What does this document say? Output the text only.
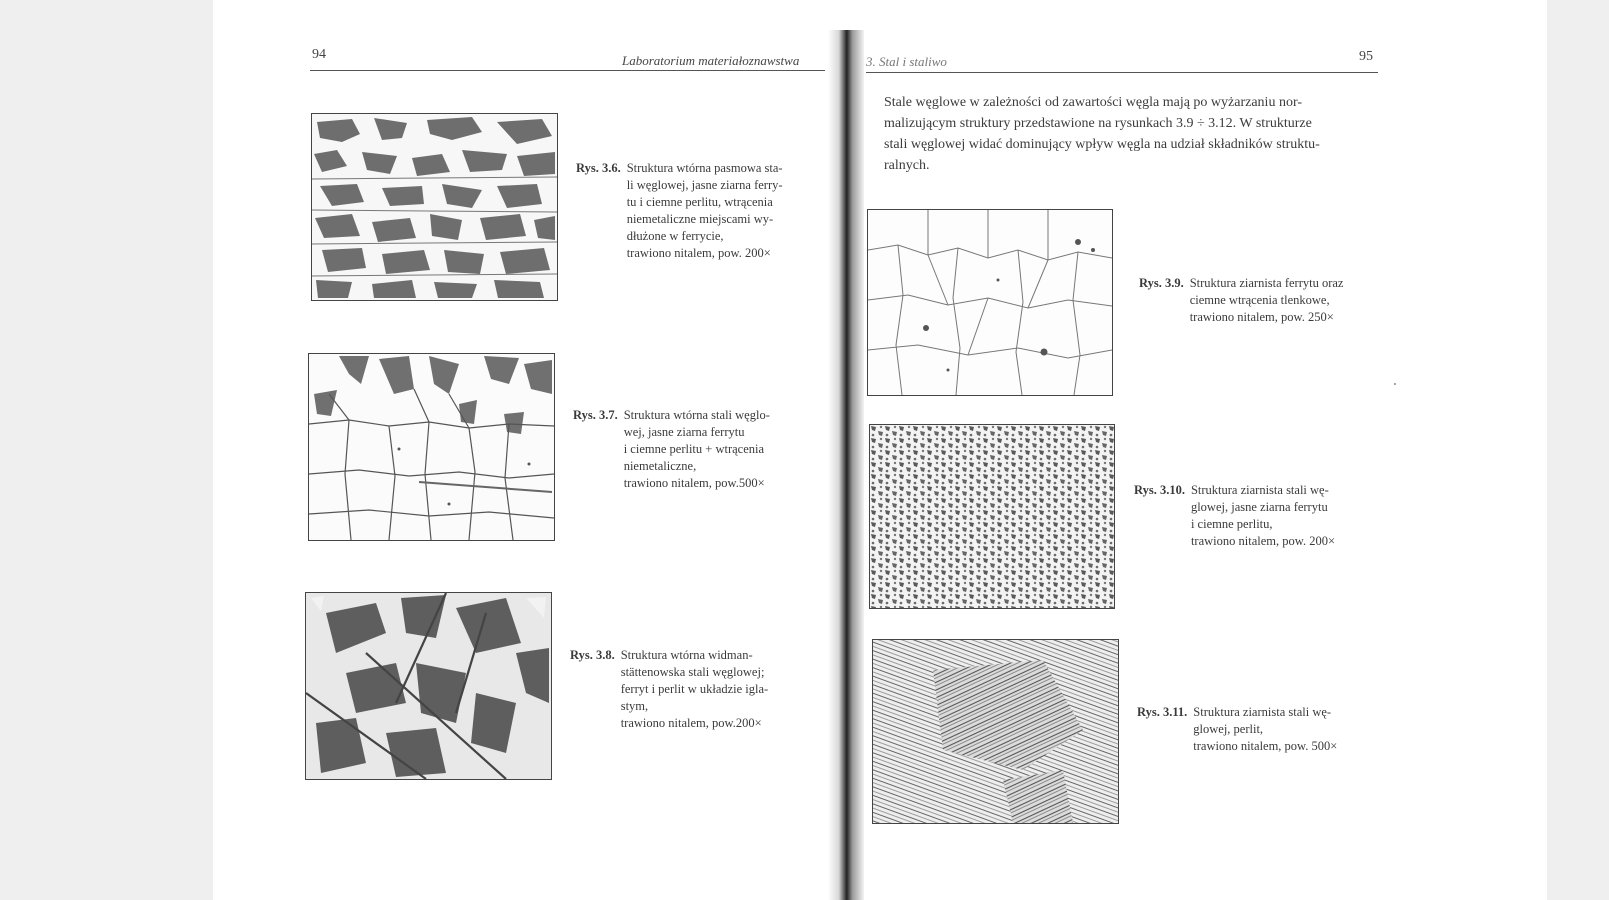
94	Laboratorium materiałoznawstwa	3. Stal i staliwo	95
Stale węglowe w zależności od zawartości węgla mają po wyżarzaniu nor-
malizującym struktury przedstawione na rysunkach 3.9 ÷ 3.12. W strukturze
stali węglowej widać dominujący wpływ węgla na udział składników struktu-
ralnych.
Rys. 3.6. Struktura wtórna pasmowa sta-
li węglowej, jasne ziarna ferry-
tu i ciemne perlitu, wtrącenia
niemetaliczne miejscami wy-
dłużone w ferrycie,
trawiono nitalem, pow. 200×
Rys. 3.7. Struktura wtórna stali węglo-
wej, jasne ziarna ferrytu
i ciemne perlitu + wtrącenia
niemetaliczne,
trawiono nitalem, pow.500×
Rys. 3.8. Struktura wtórna widman-
stättenowska stali węglowej;
ferryt i perlit w układzie igla-
stym,
trawiono nitalem, pow.200×
Rys. 3.9. Struktura ziarnista ferrytu oraz
ciemne wtrącenia tlenkowe,
trawiono nitalem, pow. 250×
Rys. 3.10. Struktura ziarnista stali wę-
glowej, jasne ziarna ferrytu
i ciemne perlitu,
trawiono nitalem, pow. 200×
Rys. 3.11. Struktura ziarnista stali wę-
glowej, perlit,
trawiono nitalem, pow. 500×
